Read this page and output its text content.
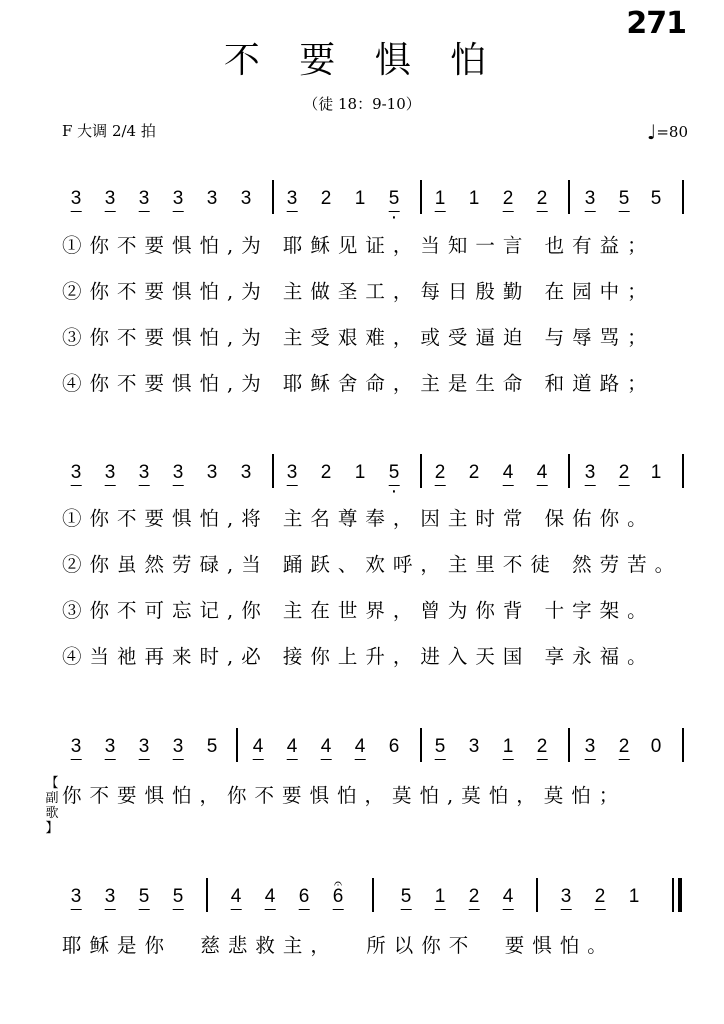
271
不 要 惧 怕
（徒 18：9-10）
F 大调 2/4 拍	♩=80
【
副
歌
】
3 3 3 3 3 3 3 2 1 5 · 1 1 2 2 3 5 5
①你不要惧怕,为 耶稣见证，当知一言 也有益；
②你不要惧怕,为 主做圣工，每日殷勤 在园中；
③你不要惧怕,为 主受艰难，或受逼迫 与辱骂；
④你不要惧怕,为 耶稣舍命，主是生命 和道路；
3 3 3 3 3 3 3 2 1 5 · 2 2 4 4 3 2 1
①你不要惧怕,将 主名尊奉，因主时常 保佑你。
②你虽然劳碌,当 踊跃、欢呼，主里不徒 然劳苦。
③你不可忘记,你 主在世界，曾为你背 十字架。
④当祂再来时,必 接你上升，进入天国 享永福。
3 3 3 3 5 4 4 4 4 6 5 3 1 2 3 2 0
你不要惧怕，你不要惧怕，莫怕,莫怕，莫怕；
3 3 5 5 4 4 6
𝄐 6	5 1 2 4 3 2 1
耶稣是你  慈悲救主，  所以你不  要惧怕。
